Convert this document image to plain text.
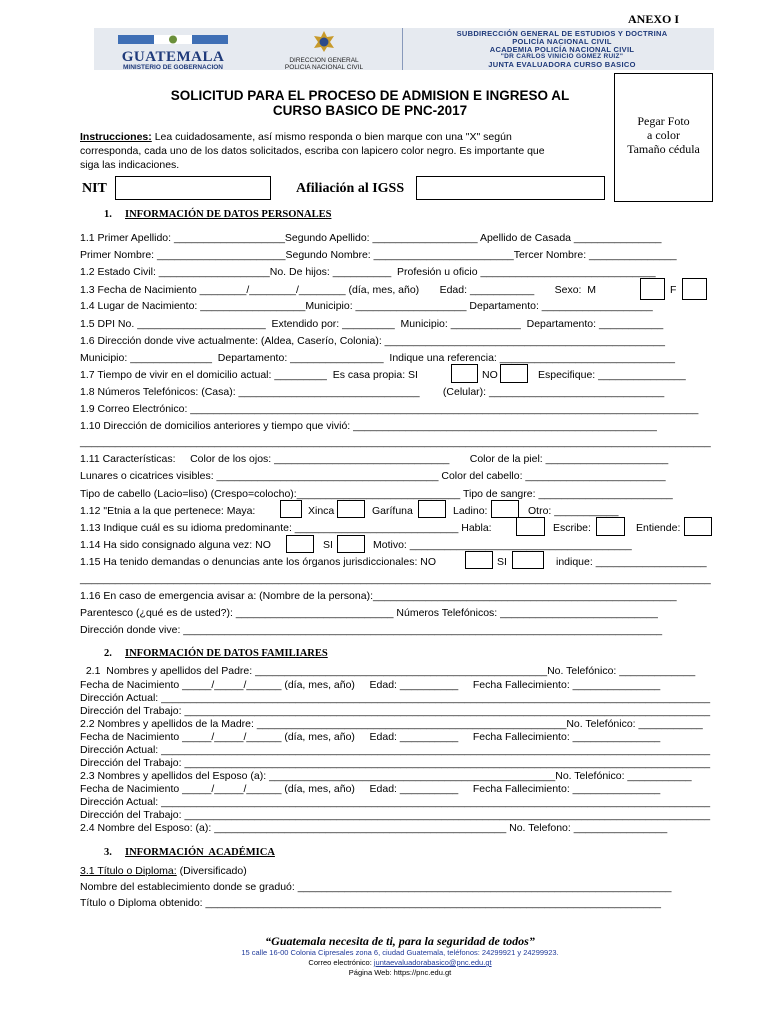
ANEXO I
GUATEMALA
MINISTERIO DE GOBERNACION
DIRECCION GENERAL
POLICIA NACIONAL CIVIL
SUBDIRECCIÓN GENERAL DE ESTUDIOS Y DOCTRINA
POLICÍA NACIONAL CIVIL
ACADEMIA POLICÍA NACIONAL CIVIL
"DR CARLOS VINICIO GOMEZ RUIZ"
JUNTA EVALUADORA CURSO BASICO
SOLICITUD PARA EL PROCESO DE ADMISION E INGRESO AL
CURSO BASICO DE PNC-2017
Pegar Foto
a color
Tamaño cédula
Instrucciones: Lea cuidadosamente, así mismo responda o bien marque con una "X" según
corresponda, cada uno de los datos solicitados, escriba con lapicero color negro. Es importante que
siga las indicaciones.
NIT	Afiliación al IGSS
1. INFORMACIÓN DE DATOS PERSONALES
1.1 Primer Apellido: ___________________Segundo Apellido: __________________ Apellido de Casada _______________
Primer Nombre: ______________________Segundo Nombre: ________________________Tercer Nombre: _______________
1.2 Estado Civil: ___________________No. De hijos: __________  Profesión u oficio ______________________________
1.3 Fecha de Nacimiento ________/________/________ (día, mes, año)       Edad: ___________       Sexo:  M	F
1.4 Lugar de Nacimiento: __________________Municipio: ___________________ Departamento: ___________________
1.5 DPI No. ______________________  Extendido por: _________  Municipio: ____________  Departamento: ___________
1.6 Dirección donde vive actualmente: (Aldea, Caserío, Colonia): ________________________________________________
Municipio: ______________  Departamento: ________________  Indique una referencia: ______________________________
1.7 Tiempo de vivir en el domicilio actual: _________  Es casa propia: SI	NO	Especifique: _______________
1.8 Números Telefónicos: (Casa): _______________________________        (Celular): ______________________________
1.9 Correo Electrónico: _______________________________________________________________________________________
1.10 Dirección de domicilios anteriores y tiempo que vivió: ____________________________________________________
____________________________________________________________________________________________________________
1.11 Características:     Color de los ojos: ______________________________       Color de la piel: _____________________
Lunares o cicatrices visibles: ______________________________________ Color del cabello: ________________________
Tipo de cabello (Lacio=liso) (Crespo=colocho):____________________________ Tipo de sangre: _______________________
1.12 "Etnia a la que pertenece: Maya:	Xinca	Garífuna	Ladino:	Otro: ___________
1.13 Indique cuál es su idioma predominante: ____________________________ Habla:	Escribe:	Entiende:
1.14 Ha sido consignado alguna vez: NO	SI	Motivo: ______________________________________
1.15 Ha tenido demandas o denuncias ante los órganos jurisdiccionales: NO	SI	indique: ___________________
____________________________________________________________________________________________________________
1.16 En caso de emergencia avisar a: (Nombre de la persona):____________________________________________________
Parentesco (¿qué es de usted?): ___________________________ Números Telefónicos: ___________________________
Dirección donde vive: __________________________________________________________________________________
2. INFORMACIÓN DE DATOS FAMILIARES
2.1  Nombres y apellidos del Padre: __________________________________________________No. Telefónico: _____________
Fecha de Nacimiento _____/_____/______ (día, mes, año)     Edad: __________     Fecha Fallecimiento: _______________
Dirección Actual: ______________________________________________________________________________________________
Dirección del Trabajo: __________________________________________________________________________________________
2.2 Nombres y apellidos de la Madre: _____________________________________________________No. Telefónico: ___________
Fecha de Nacimiento _____/_____/______ (día, mes, año)     Edad: __________     Fecha Fallecimiento: _______________
Dirección Actual: ______________________________________________________________________________________________
Dirección del Trabajo: __________________________________________________________________________________________
2.3 Nombres y apellidos del Esposo (a): _________________________________________________No. Telefónico: ___________
Fecha de Nacimiento _____/_____/______ (día, mes, año)     Edad: __________     Fecha Fallecimiento: _______________
Dirección Actual: ______________________________________________________________________________________________
Dirección del Trabajo: __________________________________________________________________________________________
2.4 Nombre del Esposo: (a): __________________________________________________ No. Telefono: ________________
3. INFORMACIÓN  ACADÉMICA
3.1 Título o Diploma: (Diversificado)
Nombre del establecimiento donde se graduó: ________________________________________________________________
Título o Diploma obtenido: ______________________________________________________________________________
“Guatemala necesita de ti, para la seguridad de todos”
15 calle 16-00 Colonia Cipresales zona 6, ciudad Guatemala, teléfonos: 24299921 y 24299923.
Correo electrónico: juntaevaluadorabasico@pnc.edu.gt
Página Web: https://pnc.edu.gt
